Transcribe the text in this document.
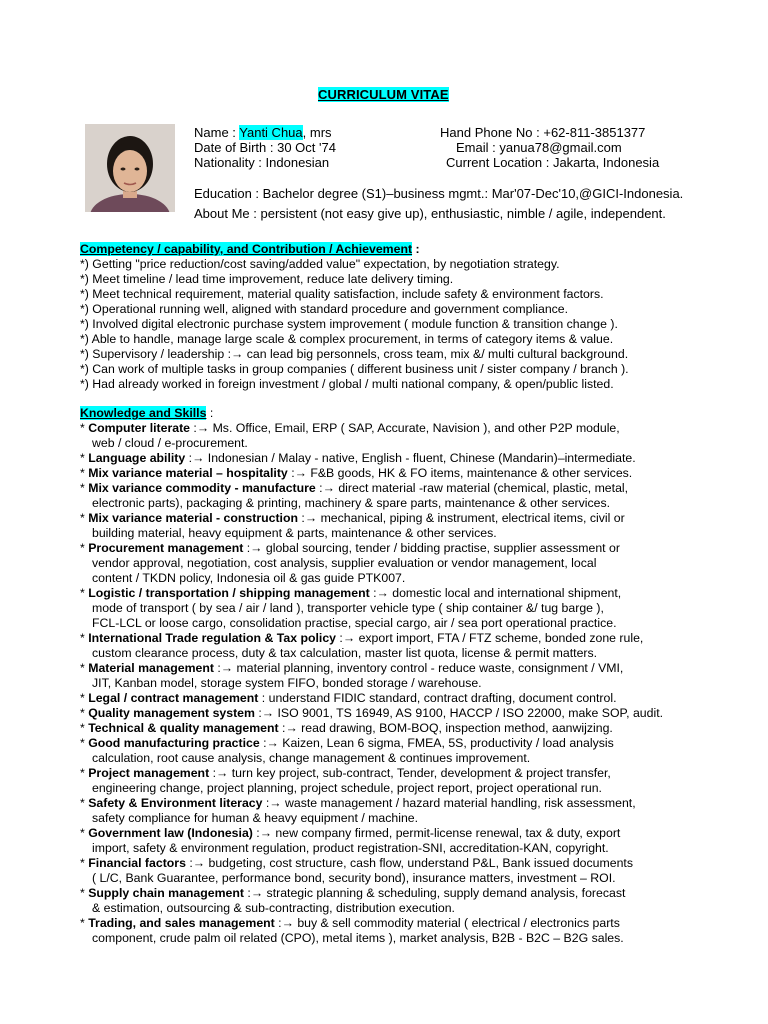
CURRICULUM VITAE
Name : Yanti Chua, mrs
Date of Birth : 30 Oct '74
Nationality : Indonesian
Hand Phone No : +62-811-3851377
Email : yanua78@gmail.com
Current Location : Jakarta, Indonesia
Education : Bachelor degree (S1)–business mgmt.: Mar'07-Dec'10,@GICI-Indonesia.
About Me : persistent (not easy give up), enthusiastic, nimble / agile, independent.
Competency / capability, and Contribution / Achievement :
*) Getting "price reduction/cost saving/added value" expectation, by negotiation strategy.
*) Meet timeline / lead time improvement, reduce late delivery timing.
*) Meet technical requirement, material quality satisfaction, include safety & environment factors.
*) Operational running well, aligned with standard procedure and government compliance.
*) Involved digital electronic purchase system improvement ( module function & transition change ).
*) Able to handle, manage large scale & complex procurement, in terms of category items & value.
*) Supervisory / leadership :→ can lead big personnels, cross team, mix &/ multi cultural background.
*) Can work of multiple tasks in group companies ( different business unit / sister company / branch ).
*) Had already worked in foreign investment / global / multi national company, & open/public listed.
Knowledge and Skills :
* Computer literate :→ Ms. Office, Email, ERP ( SAP, Accurate, Navision ), and other P2P module,
web / cloud / e-procurement.
* Language ability :→ Indonesian / Malay - native, English - fluent, Chinese (Mandarin)–intermediate.
* Mix variance material – hospitality :→ F&B goods, HK & FO items, maintenance & other services.
* Mix variance commodity - manufacture :→ direct material -raw material (chemical, plastic, metal,
electronic parts), packaging & printing, machinery & spare parts, maintenance & other services.
* Mix variance material - construction :→ mechanical, piping & instrument, electrical items, civil or
building material, heavy equipment & parts, maintenance & other services.
* Procurement management :→ global sourcing, tender / bidding practise, supplier assessment or
vendor approval, negotiation, cost analysis, supplier evaluation or vendor management, local
content / TKDN policy, Indonesia oil & gas guide PTK007.
* Logistic / transportation / shipping management :→ domestic local and international shipment,
mode of transport ( by sea / air / land ), transporter vehicle type ( ship container &/ tug barge ),
FCL-LCL or loose cargo, consolidation practise, special cargo, air / sea port operational practice.
* International Trade regulation & Tax policy :→ export import, FTA / FTZ scheme, bonded zone rule,
custom clearance process, duty & tax calculation, master list quota, license & permit matters.
* Material management :→ material planning, inventory control - reduce waste, consignment / VMI,
JIT, Kanban model, storage system FIFO, bonded storage / warehouse.
* Legal / contract management : understand FIDIC standard, contract drafting, document control.
* Quality management system :→ ISO 9001, TS 16949, AS 9100, HACCP / ISO 22000, make SOP, audit.
* Technical & quality management :→ read drawing, BOM-BOQ, inspection method, aanwijzing.
* Good manufacturing practice :→ Kaizen, Lean 6 sigma, FMEA, 5S, productivity / load analysis
calculation, root cause analysis, change management & continues improvement.
* Project management :→ turn key project, sub-contract, Tender, development & project transfer,
engineering change, project planning, project schedule, project report, project operational run.
* Safety & Environment literacy :→ waste management / hazard material handling, risk assessment,
safety compliance for human & heavy equipment / machine.
* Government law (Indonesia) :→ new company firmed, permit-license renewal, tax & duty, export
import, safety & environment regulation, product registration-SNI, accreditation-KAN, copyright.
* Financial factors :→ budgeting, cost structure, cash flow, understand P&L, Bank issued documents
( L/C, Bank Guarantee, performance bond, security bond), insurance matters, investment – ROI.
* Supply chain management :→ strategic planning & scheduling, supply demand analysis, forecast
& estimation, outsourcing & sub-contracting, distribution execution.
* Trading, and sales management :→ buy & sell commodity material ( electrical / electronics parts
component, crude palm oil related (CPO), metal items ), market analysis, B2B - B2C – B2G sales.
